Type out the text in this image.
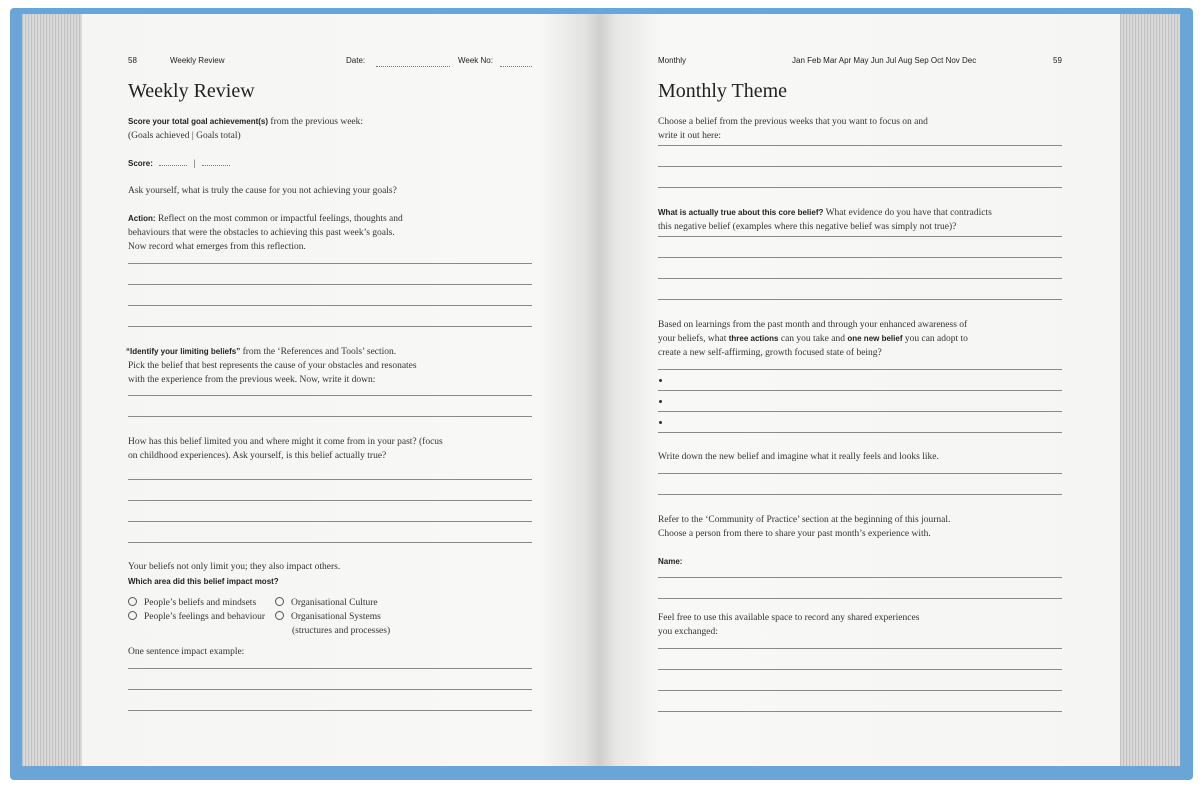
58	Weekly Review	Date:	Week No:
Weekly Review
Score your total goal achievement(s) from the previous week:
(Goals achieved | Goals total)
Score:	|
Ask yourself, what is truly the cause for you not achieving your goals?
Action: Reflect on the most common or impactful feelings, thoughts and
behaviours that were the obstacles to achieving this past week’s goals.
Now record what emerges from this reflection.
“Identify your limiting beliefs” from the ‘References and Tools’ section.
Pick the belief that best represents the cause of your obstacles and resonates
with the experience from the previous week. Now, write it down:
How has this belief limited you and where might it come from in your past? (focus
on childhood experiences). Ask yourself, is this belief actually true?
Your beliefs not only limit you; they also impact others.
Which area did this belief impact most?
People’s beliefs and mindsets
People’s feelings and behaviour
Organisational Culture
Organisational Systems
(structures and processes)
One sentence impact example:
Monthly	Jan Feb Mar Apr May Jun Jul Aug Sep Oct Nov Dec	59
Monthly Theme
Choose a belief from the previous weeks that you want to focus on and
write it out here:
What is actually true about this core belief? What evidence do you have that contradicts
this negative belief (examples where this negative belief was simply not true)?
Based on learnings from the past month and through your enhanced awareness of
your beliefs, what three actions can you take and one new belief you can adopt to
create a new self-affirming, growth focused state of being?
Write down the new belief and imagine what it really feels and looks like.
Refer to the ‘Community of Practice’ section at the beginning of this journal.
Choose a person from there to share your past month’s experience with.
Name:
Feel free to use this available space to record any shared experiences
you exchanged:
